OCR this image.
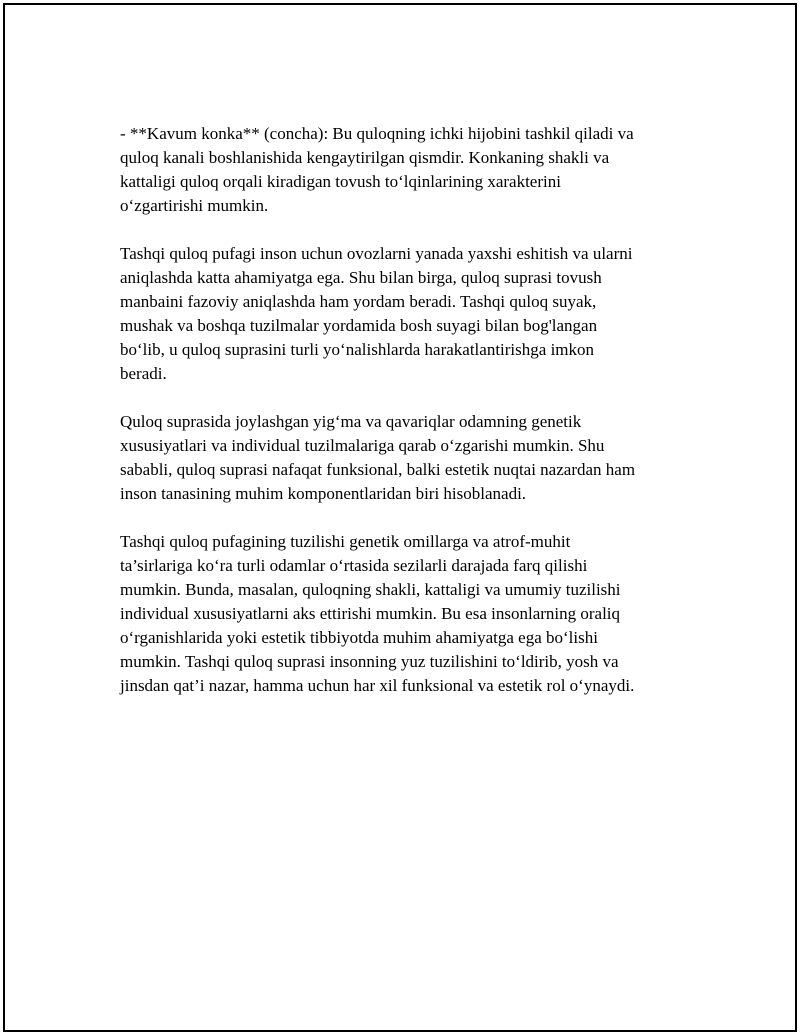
- **Kavum konka** (concha): Bu quloqning ichki hijobini tashkil qiladi va
quloq kanali boshlanishida kengaytirilgan qismdir. Konkaning shakli va
kattaligi quloq orqali kiradigan tovush to‘lqinlarining xarakterini
o‘zgartirishi mumkin.
Tashqi quloq pufagi inson uchun ovozlarni yanada yaxshi eshitish va ularni
aniqlashda katta ahamiyatga ega. Shu bilan birga, quloq suprasi tovush
manbaini fazoviy aniqlashda ham yordam beradi. Tashqi quloq suyak,
mushak va boshqa tuzilmalar yordamida bosh suyagi bilan bog'langan
bo‘lib, u quloq suprasini turli yo‘nalishlarda harakatlantirishga imkon
beradi.
Quloq suprasida joylashgan yig‘ma va qavariqlar odamning genetik
xususiyatlari va individual tuzilmalariga qarab o‘zgarishi mumkin. Shu
sababli, quloq suprasi nafaqat funksional, balki estetik nuqtai nazardan ham
inson tanasining muhim komponentlaridan biri hisoblanadi.
Tashqi quloq pufagining tuzilishi genetik omillarga va atrof-muhit
ta’sirlariga ko‘ra turli odamlar o‘rtasida sezilarli darajada farq qilishi
mumkin. Bunda, masalan, quloqning shakli, kattaligi va umumiy tuzilishi
individual xususiyatlarni aks ettirishi mumkin. Bu esa insonlarning oraliq
o‘rganishlarida yoki estetik tibbiyotda muhim ahamiyatga ega bo‘lishi
mumkin. Tashqi quloq suprasi insonning yuz tuzilishini to‘ldirib, yosh va
jinsdan qat’i nazar, hamma uchun har xil funksional va estetik rol o‘ynaydi.
